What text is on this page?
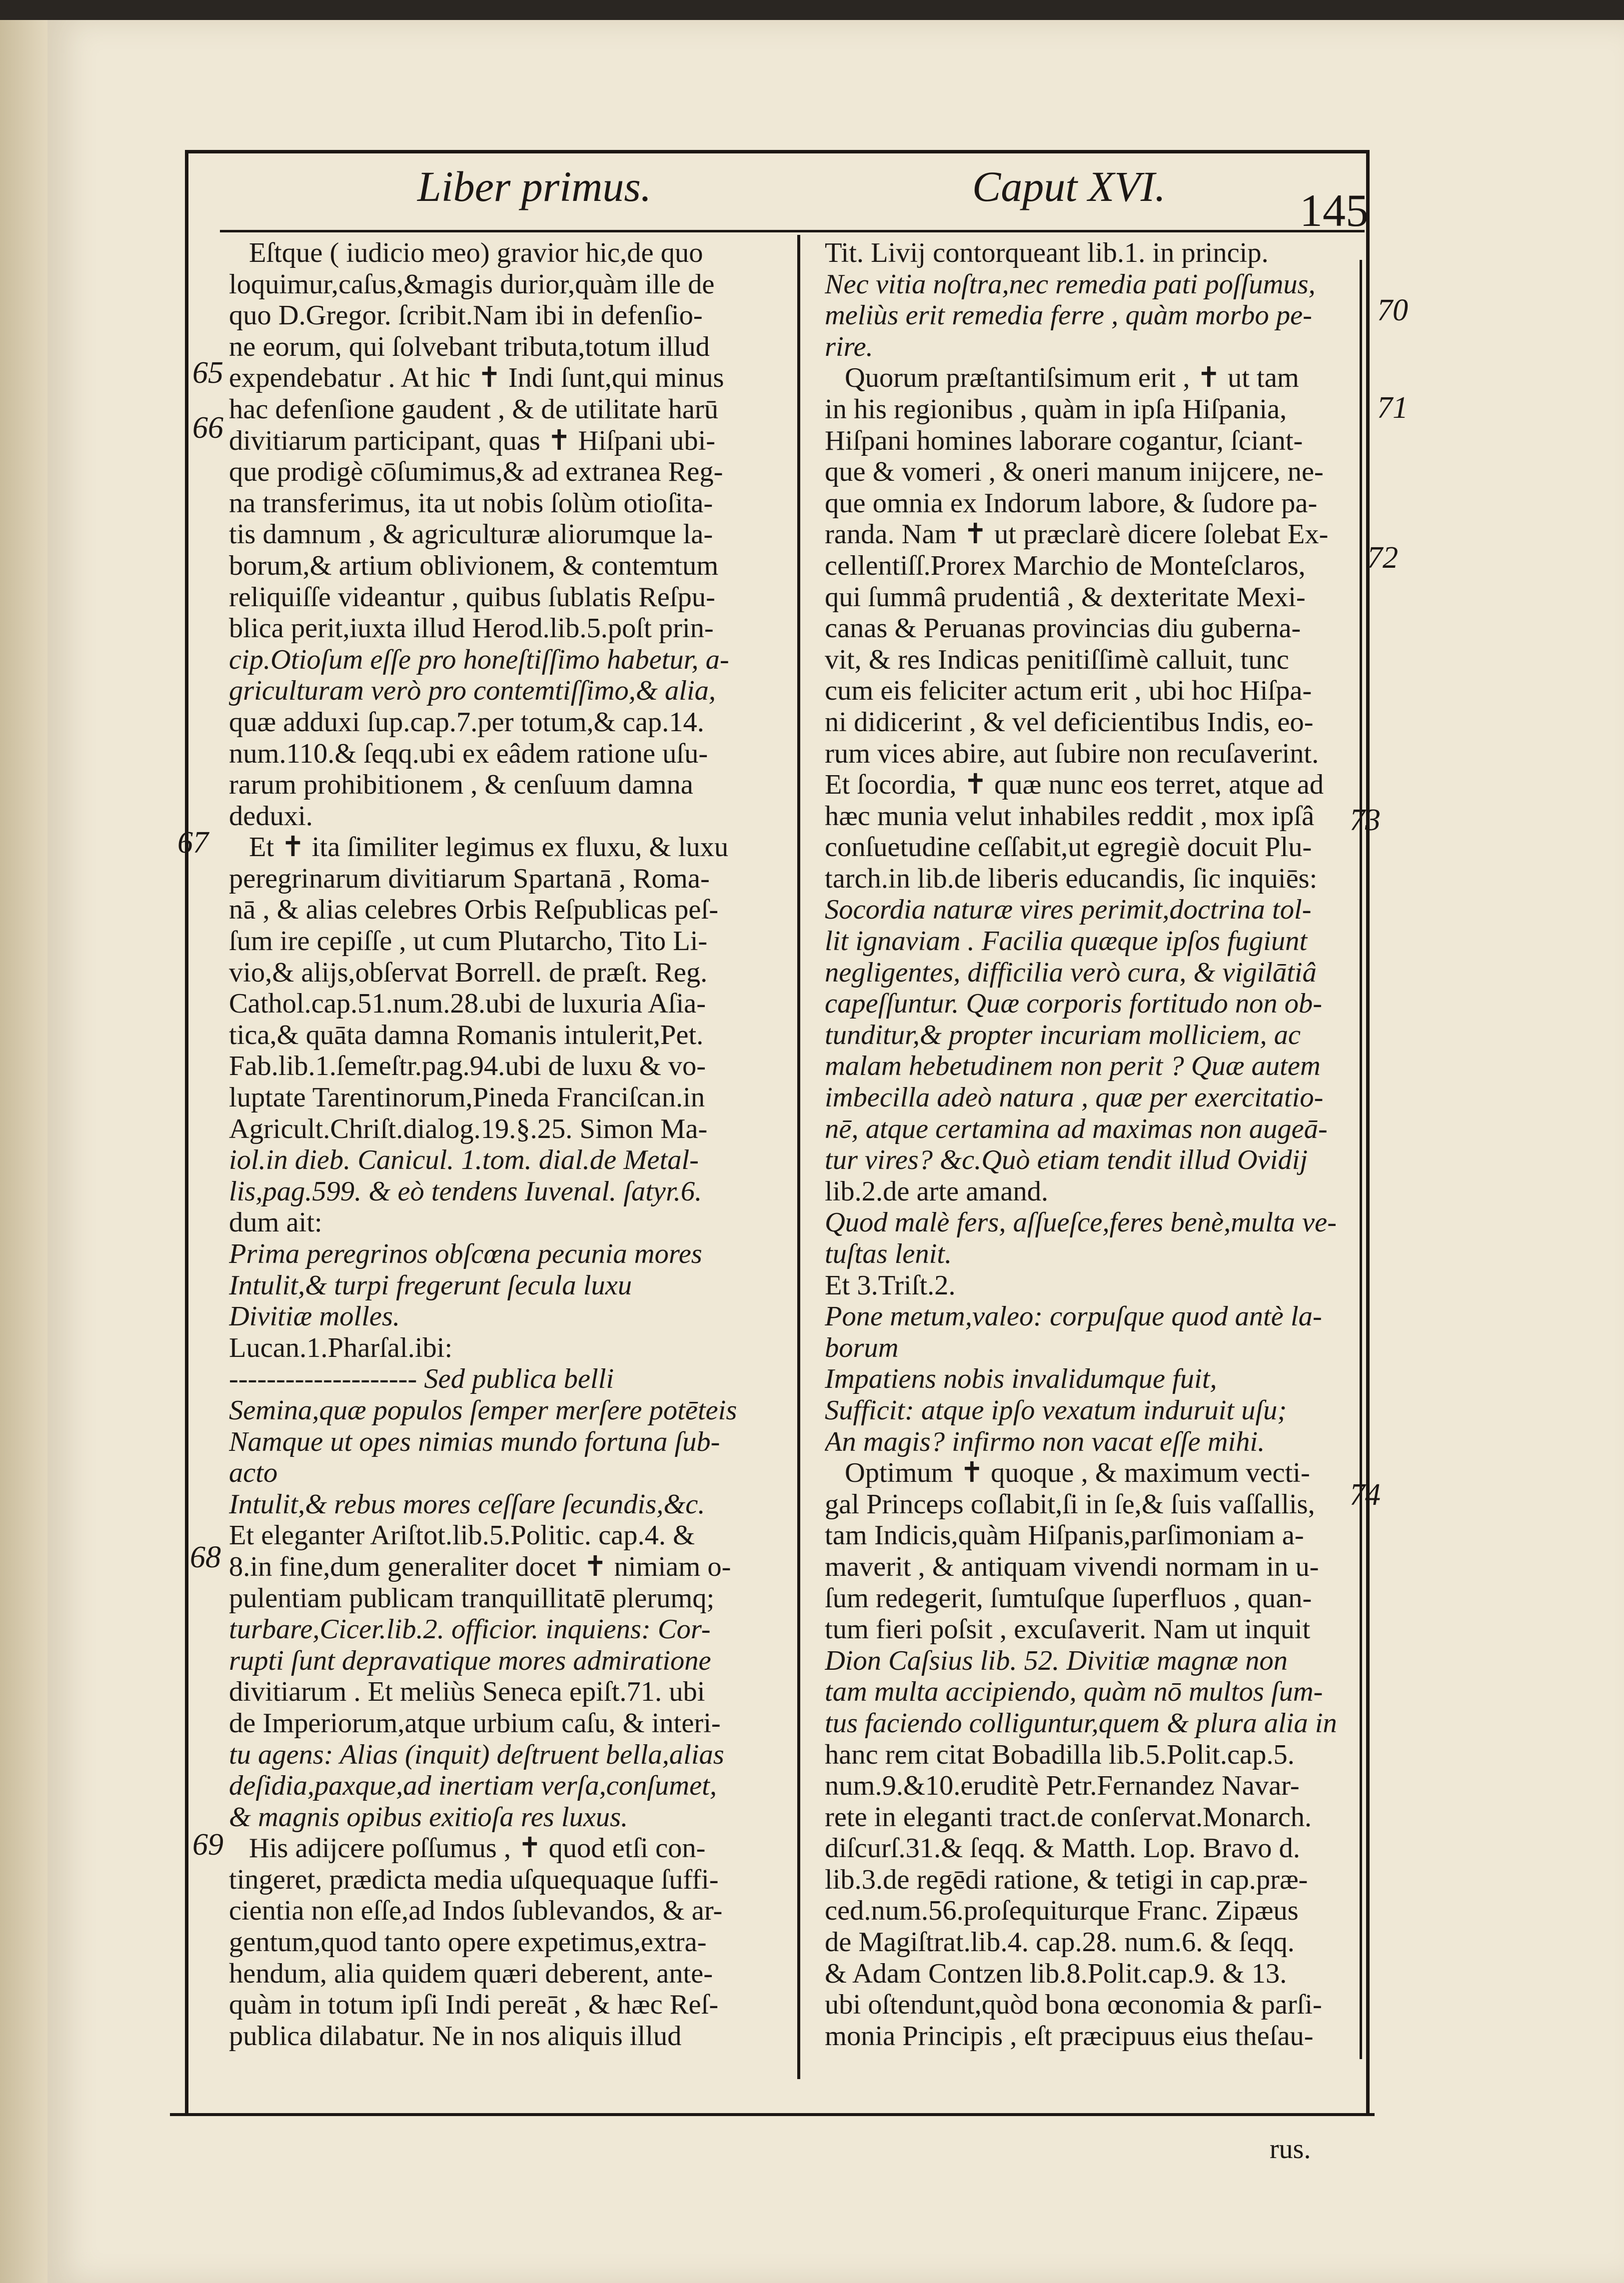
Liber primus.	Caput XVI.	145
Eſtque ( iudicio meo) gravior hic,de quo
loquimur,caſus,&magis durior,quàm ille de
quo D.Gregor. ſcribit.Nam ibi in defenſio-
ne eorum, qui ſolvebant tributa,totum illud
expendebatur . At hic ✝ Indi ſunt,qui minus
hac defenſione gaudent , & de utilitate harū
divitiarum participant, quas ✝ Hiſpani ubi-
que prodigè cōſumimus,& ad extranea Reg-
na transferimus, ita ut nobis ſolùm otioſita-
tis damnum , & agriculturæ aliorumque la-
borum,& artium oblivionem, & contemtum
reliquiſſe videantur , quibus ſublatis Reſpu-
blica perit,iuxta illud Herod.lib.5.poſt prin-
cip.Otioſum eſſe pro honeſtiſſimo habetur, a-
griculturam verò pro contemtiſſimo,& alia,
quæ adduxi ſup.cap.7.per totum,& cap.14.
num.110.& ſeqq.ubi ex eâdem ratione uſu-
rarum prohibitionem , & cenſuum damna
deduxi.
Et ✝ ita ſimiliter legimus ex fluxu, & luxu
peregrinarum divitiarum Spartanā , Roma-
nā , & alias celebres Orbis Reſpublicas peſ-
ſum ire cepiſſe , ut cum Plutarcho, Tito Li-
vio,& alijs,obſervat Borrell. de præſt. Reg.
Cathol.cap.51.num.28.ubi de luxuria Aſia-
tica,& quāta damna Romanis intulerit,Pet.
Fab.lib.1.ſemeſtr.pag.94.ubi de luxu & vo-
luptate Tarentinorum,Pineda Franciſcan.in
Agricult.Chriſt.dialog.19.§.25. Simon Ma-
iol.in dieb. Canicul. 1.tom. dial.de Metal-
lis,pag.599. & eò tendens Iuvenal. ſatyr.6.
dum ait:
Prima peregrinos obſcœna pecunia mores
Intulit,& turpi fregerunt ſecula luxu
Divitiæ molles.
Lucan.1.Pharſal.ibi:
-------------------- Sed publica belli
Semina,quæ populos ſemper merſere potēteis
Namque ut opes nimias mundo fortuna ſub-
acto
Intulit,& rebus mores ceſſare ſecundis,&c.
Et eleganter Ariſtot.lib.5.Politic. cap.4. &
8.in fine,dum generaliter docet ✝ nimiam o-
pulentiam publicam tranquillitatē plerumq;
turbare,Cicer.lib.2. officior. inquiens: Cor-
rupti ſunt depravatique mores admiratione
divitiarum . Et meliùs Seneca epiſt.71. ubi
de Imperiorum,atque urbium caſu, & interi-
tu agens: Alias (inquit) deſtruent bella,alias
deſidia,paxque,ad inertiam verſa,conſumet,
& magnis opibus exitioſa res luxus.
His adijcere poſſumus , ✝ quod etſi con-
tingeret, prædicta media uſquequaque ſuffi-
cientia non eſſe,ad Indos ſublevandos, & ar-
gentum,quod tanto opere expetimus,extra-
hendum, alia quidem quæri deberent, ante-
quàm in totum ipſi Indi pereāt , & hæc Reſ-
publica dilabatur. Ne in nos aliquis illud
Tit. Livij contorqueant lib.1. in princip.
Nec vitia noſtra,nec remedia pati poſſumus,
meliùs erit remedia ferre , quàm morbo pe-
rire.
Quorum præſtantiſsimum erit , ✝ ut tam
in his regionibus , quàm in ipſa Hiſpania,
Hiſpani homines laborare cogantur, ſciant-
que & vomeri , & oneri manum inijcere, ne-
que omnia ex Indorum labore, & ſudore pa-
randa. Nam ✝ ut præclarè dicere ſolebat Ex-
cellentiſſ.Prorex Marchio de Monteſclaros,
qui ſummâ prudentiâ , & dexteritate Mexi-
canas & Peruanas provincias diu guberna-
vit, & res Indicas penitiſſimè calluit, tunc
cum eis feliciter actum erit , ubi hoc Hiſpa-
ni didicerint , & vel deficientibus Indis, eo-
rum vices abire, aut ſubire non recuſaverint.
Et ſocordia, ✝ quæ nunc eos terret, atque ad
hæc munia velut inhabiles reddit , mox ipſâ
conſuetudine ceſſabit,ut egregiè docuit Plu-
tarch.in lib.de liberis educandis, ſic inquiēs:
Socordia naturæ vires perimit,doctrina tol-
lit ignaviam . Facilia quæque ipſos fugiunt
negligentes, difficilia verò cura, & vigilātiâ
capeſſuntur. Quæ corporis fortitudo non ob-
tunditur,& propter incuriam molliciem, ac
malam hebetudinem non perit ? Quæ autem
imbecilla adeò natura , quæ per exercitatio-
nē, atque certamina ad maximas non augeā-
tur vires? &c.Quò etiam tendit illud Ovidij
lib.2.de arte amand.
Quod malè fers, aſſueſce,feres benè,multa ve-
tuſtas lenit.
Et 3.Triſt.2.
Pone metum,valeo: corpuſque quod antè la-
borum
Impatiens nobis invalidumque fuit,
Sufficit: atque ipſo vexatum induruit uſu;
An magis? infirmo non vacat eſſe mihi.
Optimum ✝ quoque , & maximum vecti-
gal Princeps coſlabit,ſi in ſe,& ſuis vaſſallis,
tam Indicis,quàm Hiſpanis,parſimoniam a-
maverit , & antiquam vivendi normam in u-
ſum redegerit, ſumtuſque ſuperfluos , quan-
tum fieri poſsit , excuſaverit. Nam ut inquit
Dion Caſsius lib. 52. Divitiæ magnæ non
tam multa accipiendo, quàm nō multos ſum-
tus faciendo colliguntur,quem & plura alia in
hanc rem citat Bobadilla lib.5.Polit.cap.5.
num.9.&10.eruditè Petr.Fernandez Navar-
rete in eleganti tract.de conſervat.Monarch.
diſcurſ.31.& ſeqq. & Matth. Lop. Bravo d.
lib.3.de regēdi ratione, & tetigi in cap.præ-
ced.num.56.proſequiturque Franc. Zipæus
de Magiſtrat.lib.4. cap.28. num.6. & ſeqq.
& Adam Contzen lib.8.Polit.cap.9. & 13.
ubi oſtendunt,quòd bona œconomia & parſi-
monia Principis , eſt præcipuus eius theſau-
65
66
67
68
69
70
71
72
73
74
rus.
